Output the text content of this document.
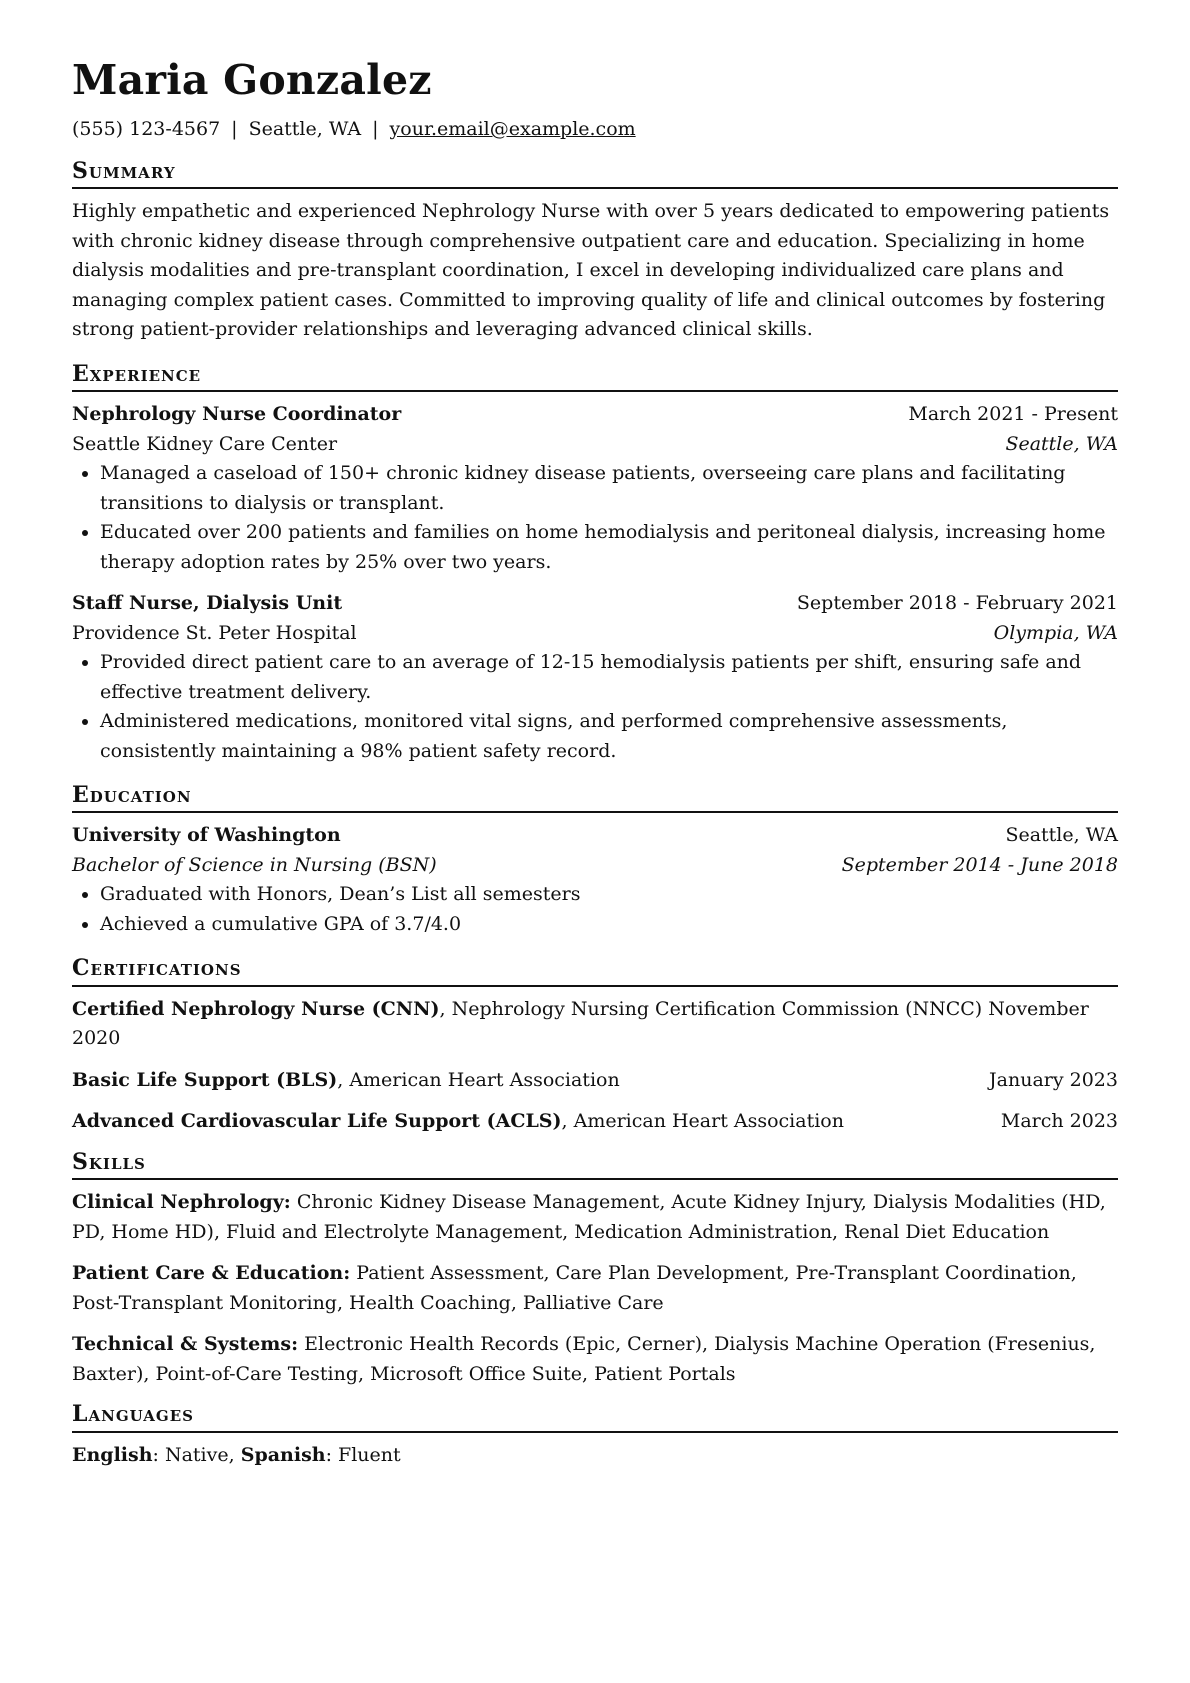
Maria Gonzalez
(555) 123-4567 | Seattle, WA | your.email@example.com
Summary

Highly empathetic and experienced Nephrology Nurse with over 5 years dedicated to empowering patients with chronic kidney disease through comprehensive outpatient care and education. Specializing in home dialysis modalities and pre-transplant coordination, I excel in developing individualized care plans and managing complex patient cases. Committed to improving quality of life and clinical outcomes by fostering strong patient-provider relationships and leveraging advanced clinical skills.

Experience
Nephrology Nurse Coordinator	March 2021 - Present
Seattle Kidney Care Center	Seattle, WA
• Managed a caseload of 150+ chronic kidney disease patients, overseeing care plans and facilitating transitions to dialysis or transplant.
• Educated over 200 patients and families on home hemodialysis and peritoneal dialysis, increasing home therapy adoption rates by 25% over two years.
Staff Nurse, Dialysis Unit	September 2018 - February 2021
Providence St. Peter Hospital	Olympia, WA
• Provided direct patient care to an average of 12-15 hemodialysis patients per shift, ensuring safe and effective treatment delivery.
• Administered medications, monitored vital signs, and performed comprehensive assessments, consistently maintaining a 98% patient safety record.
Education
University of Washington	Seattle, WA
Bachelor of Science in Nursing (BSN)	September 2014 - June 2018
• Graduated with Honors, Dean’s List all semesters
• Achieved a cumulative GPA of 3.7/4.0
Certifications
Certified Nephrology Nurse (CNN), Nephrology Nursing Certification Commission (NNCC) November 2020
Basic Life Support (BLS), American Heart Association	January 2023
Advanced Cardiovascular Life Support (ACLS), American Heart Association	March 2023
Skills
Clinical Nephrology: Chronic Kidney Disease Management, Acute Kidney Injury, Dialysis Modalities (HD, PD, Home HD), Fluid and Electrolyte Management, Medication Administration, Renal Diet Education
Patient Care & Education: Patient Assessment, Care Plan Development, Pre-Transplant Coordination, Post-Transplant Monitoring, Health Coaching, Palliative Care
Technical & Systems: Electronic Health Records (Epic, Cerner), Dialysis Machine Operation (Fresenius, Baxter), Point-of-Care Testing, Microsoft Office Suite, Patient Portals
Languages
English: Native, Spanish: Fluent
